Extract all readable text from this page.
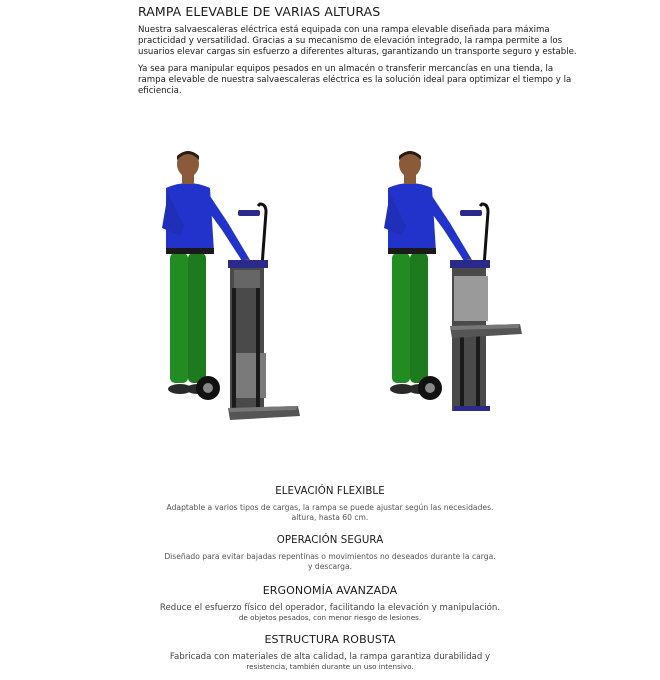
RAMPA ELEVABLE DE VARIAS ALTURAS

Nuestra salvaescaleras eléctrica está equipada con una rampa elevable diseñada para máxima practicidad y versatilidad. Gracias a su mecanismo de elevación integrado, la rampa permite a los usuarios elevar cargas sin esfuerzo a diferentes alturas, garantizando un transporte seguro y estable.

Ya sea para manipular equipos pesados en un almacén o transferir mercancías en una tienda, la rampa elevable de nuestra salvaescaleras eléctrica es la solución ideal para optimizar el tiempo y la eficiencia.

ELEVACIÓN FLEXIBLE

Adaptable a varios tipos de cargas, la rampa se puede ajustar según las necesidades.
altura, hasta 60 cm.

OPERACIÓN SEGURA

Diseñado para evitar bajadas repentinas o movimientos no deseados durante la carga.
y descarga.

ERGONOMÍA AVANZADA

Reduce el esfuerzo físico del operador, facilitando la elevación y manipulación.
de objetos pesados, con menor riesgo de lesiones.

ESTRUCTURA ROBUSTA

Fabricada con materiales de alta calidad, la rampa garantiza durabilidad y
resistencia, también durante un uso intensivo.
